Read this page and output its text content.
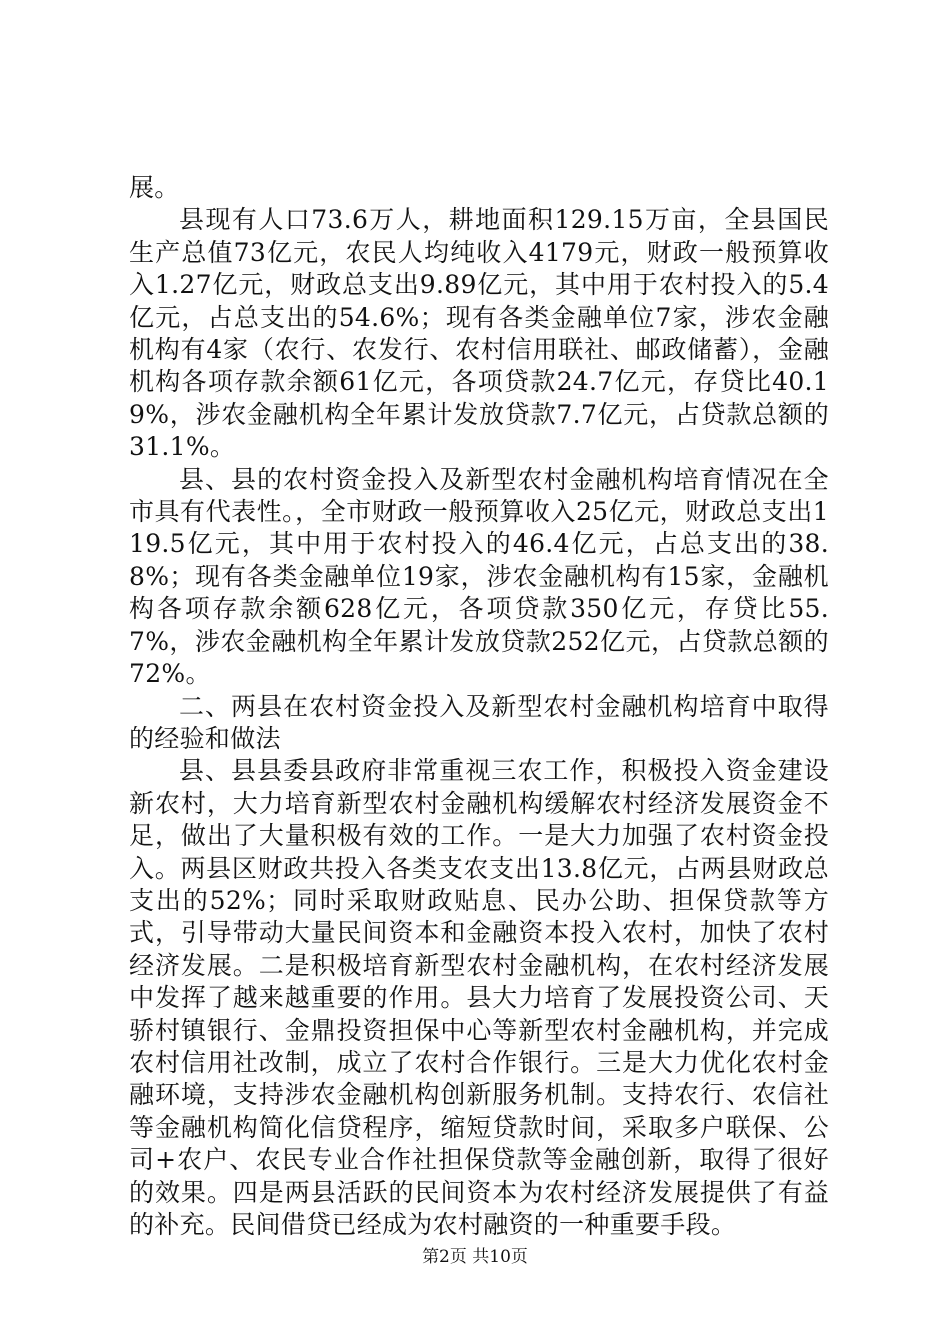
展。

县现有人口73.6万人，耕地面积129.15万亩，全县国民生产总值73亿元，农民人均纯收入4179元，财政一般预算收入1.27亿元，财政总支出9.89亿元，其中用于农村投入的5.4亿元，占总支出的54.6%；现有各类金融单位7家，涉农金融机构有4家（农行、农发行、农村信用联社、邮政储蓄），金融机构各项存款余额61亿元，各项贷款24.7亿元，存贷比40.19%，涉农金融机构全年累计发放贷款7.7亿元，占贷款总额的31.1%。

县、县的农村资金投入及新型农村金融机构培育情况在全市具有代表性。，全市财政一般预算收入25亿元，财政总支出119.5亿元，其中用于农村投入的46.4亿元，占总支出的38.8%；现有各类金融单位19家，涉农金融机构有15家，金融机构各项存款余额628亿元，各项贷款350亿元，存贷比55.7%，涉农金融机构全年累计发放贷款252亿元，占贷款总额的72%。

二、两县在农村资金投入及新型农村金融机构培育中取得的经验和做法

县、县县委县政府非常重视三农工作，积极投入资金建设新农村，大力培育新型农村金融机构缓解农村经济发展资金不足，做出了大量积极有效的工作。一是大力加强了农村资金投入。两县区财政共投入各类支农支出13.8亿元，占两县财政总支出的52%；同时采取财政贴息、民办公助、担保贷款等方式，引导带动大量民间资本和金融资本投入农村，加快了农村经济发展。二是积极培育新型农村金融机构，在农村经济发展中发挥了越来越重要的作用。县大力培育了发展投资公司、天骄村镇银行、金鼎投资担保中心等新型农村金融机构，并完成农村信用社改制，成立了农村合作银行。三是大力优化农村金融环境，支持涉农金融机构创新服务机制。支持农行、农信社等金融机构简化信贷程序，缩短贷款时间，采取多户联保、公司+农户、农民专业合作社担保贷款等金融创新，取得了很好的效果。四是两县活跃的民间资本为农村经济发展提供了有益的补充。民间借贷已经成为农村融资的一种重要手段。

第2页 共10页
